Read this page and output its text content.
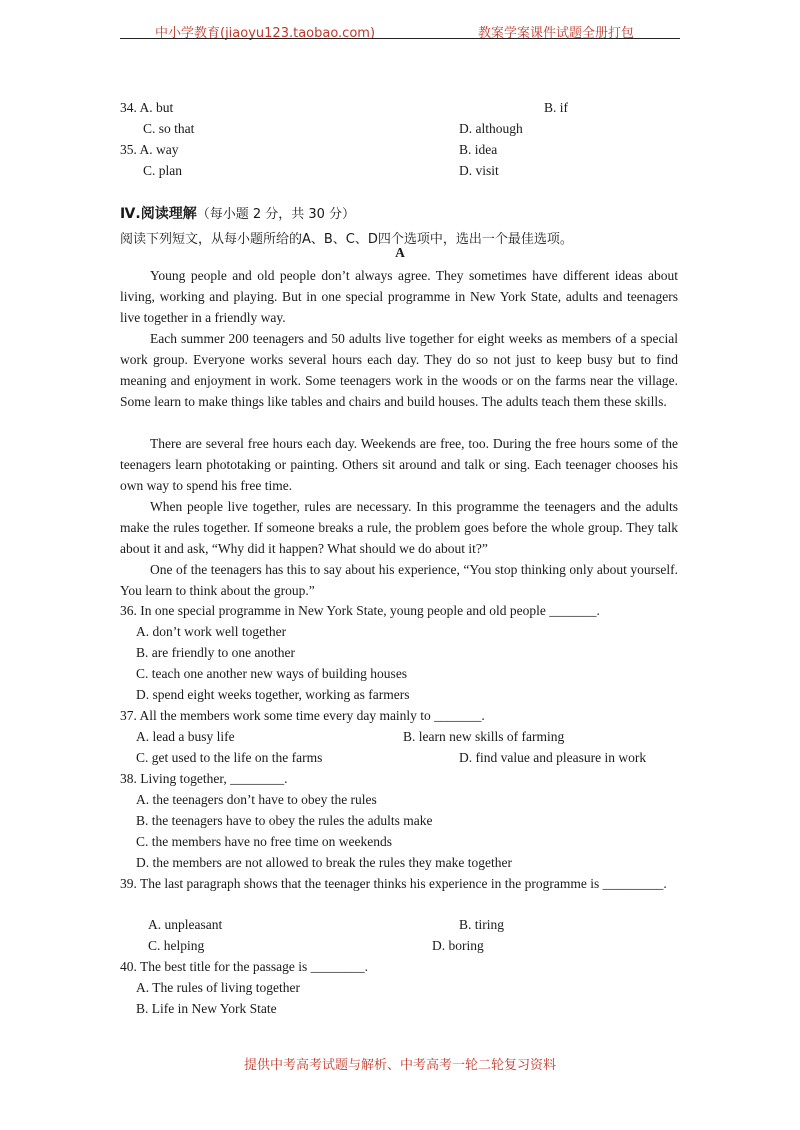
中小学教育(jiaoyu123.taobao.com)	教案学案课件试题全册打包
34. A. but	B. if
C. so that	D. although
35. A. way	B. idea
C. plan	D. visit
Ⅳ.阅读理解（每小题 2 分，共 30 分）
阅读下列短文，从每小题所给的A、B、C、D四个选项中，选出一个最佳选项。
A

Young people and old people don’t always agree. They sometimes have different ideas about living, working and playing. But in one special programme in New York State, adults and teenagers live together in a friendly way.

Each summer 200 teenagers and 50 adults live together for eight weeks as members of a special work group. Everyone works several hours each day. They do so not just to keep busy but to find meaning and enjoyment in work. Some teenagers work in the woods or on the farms near the village. Some learn to make things like tables and chairs and build houses. The adults teach them these skills.

There are several free hours each day. Weekends are free, too. During the free hours some of the teenagers learn phototaking or painting. Others sit around and talk or sing. Each teenager chooses his own way to spend his free time.

When people live together, rules are necessary. In this programme the teenagers and the adults make the rules together. If someone breaks a rule, the problem goes before the whole group. They talk about it and ask, “Why did it happen? What should we do about it?”

One of the teenagers has this to say about his experience, “You stop thinking only about yourself. You learn to think about the group.”

36. In one special programme in New York State, young people and old people _______.
A. don’t work well together
B. are friendly to one another
C. teach one another new ways of building houses
D. spend eight weeks together, working as farmers
37. All the members work some time every day mainly to _______.
A. lead a busy life	B. learn new skills of farming
C. get used to the life on the farms	D. find value and pleasure in work
38. Living together, ________.
A. the teenagers don’t have to obey the rules
B. the teenagers have to obey the rules the adults make
C. the members have no free time on weekends
D. the members are not allowed to break the rules they make together

39. The last paragraph shows that the teenager thinks his experience in the programme is _________.

A. unpleasant	B. tiring
C. helping	D. boring
40. The best title for the passage is ________.
A. The rules of living together
B. Life in New York State
提供中考高考试题与解析、中考高考一轮二轮复习资料
